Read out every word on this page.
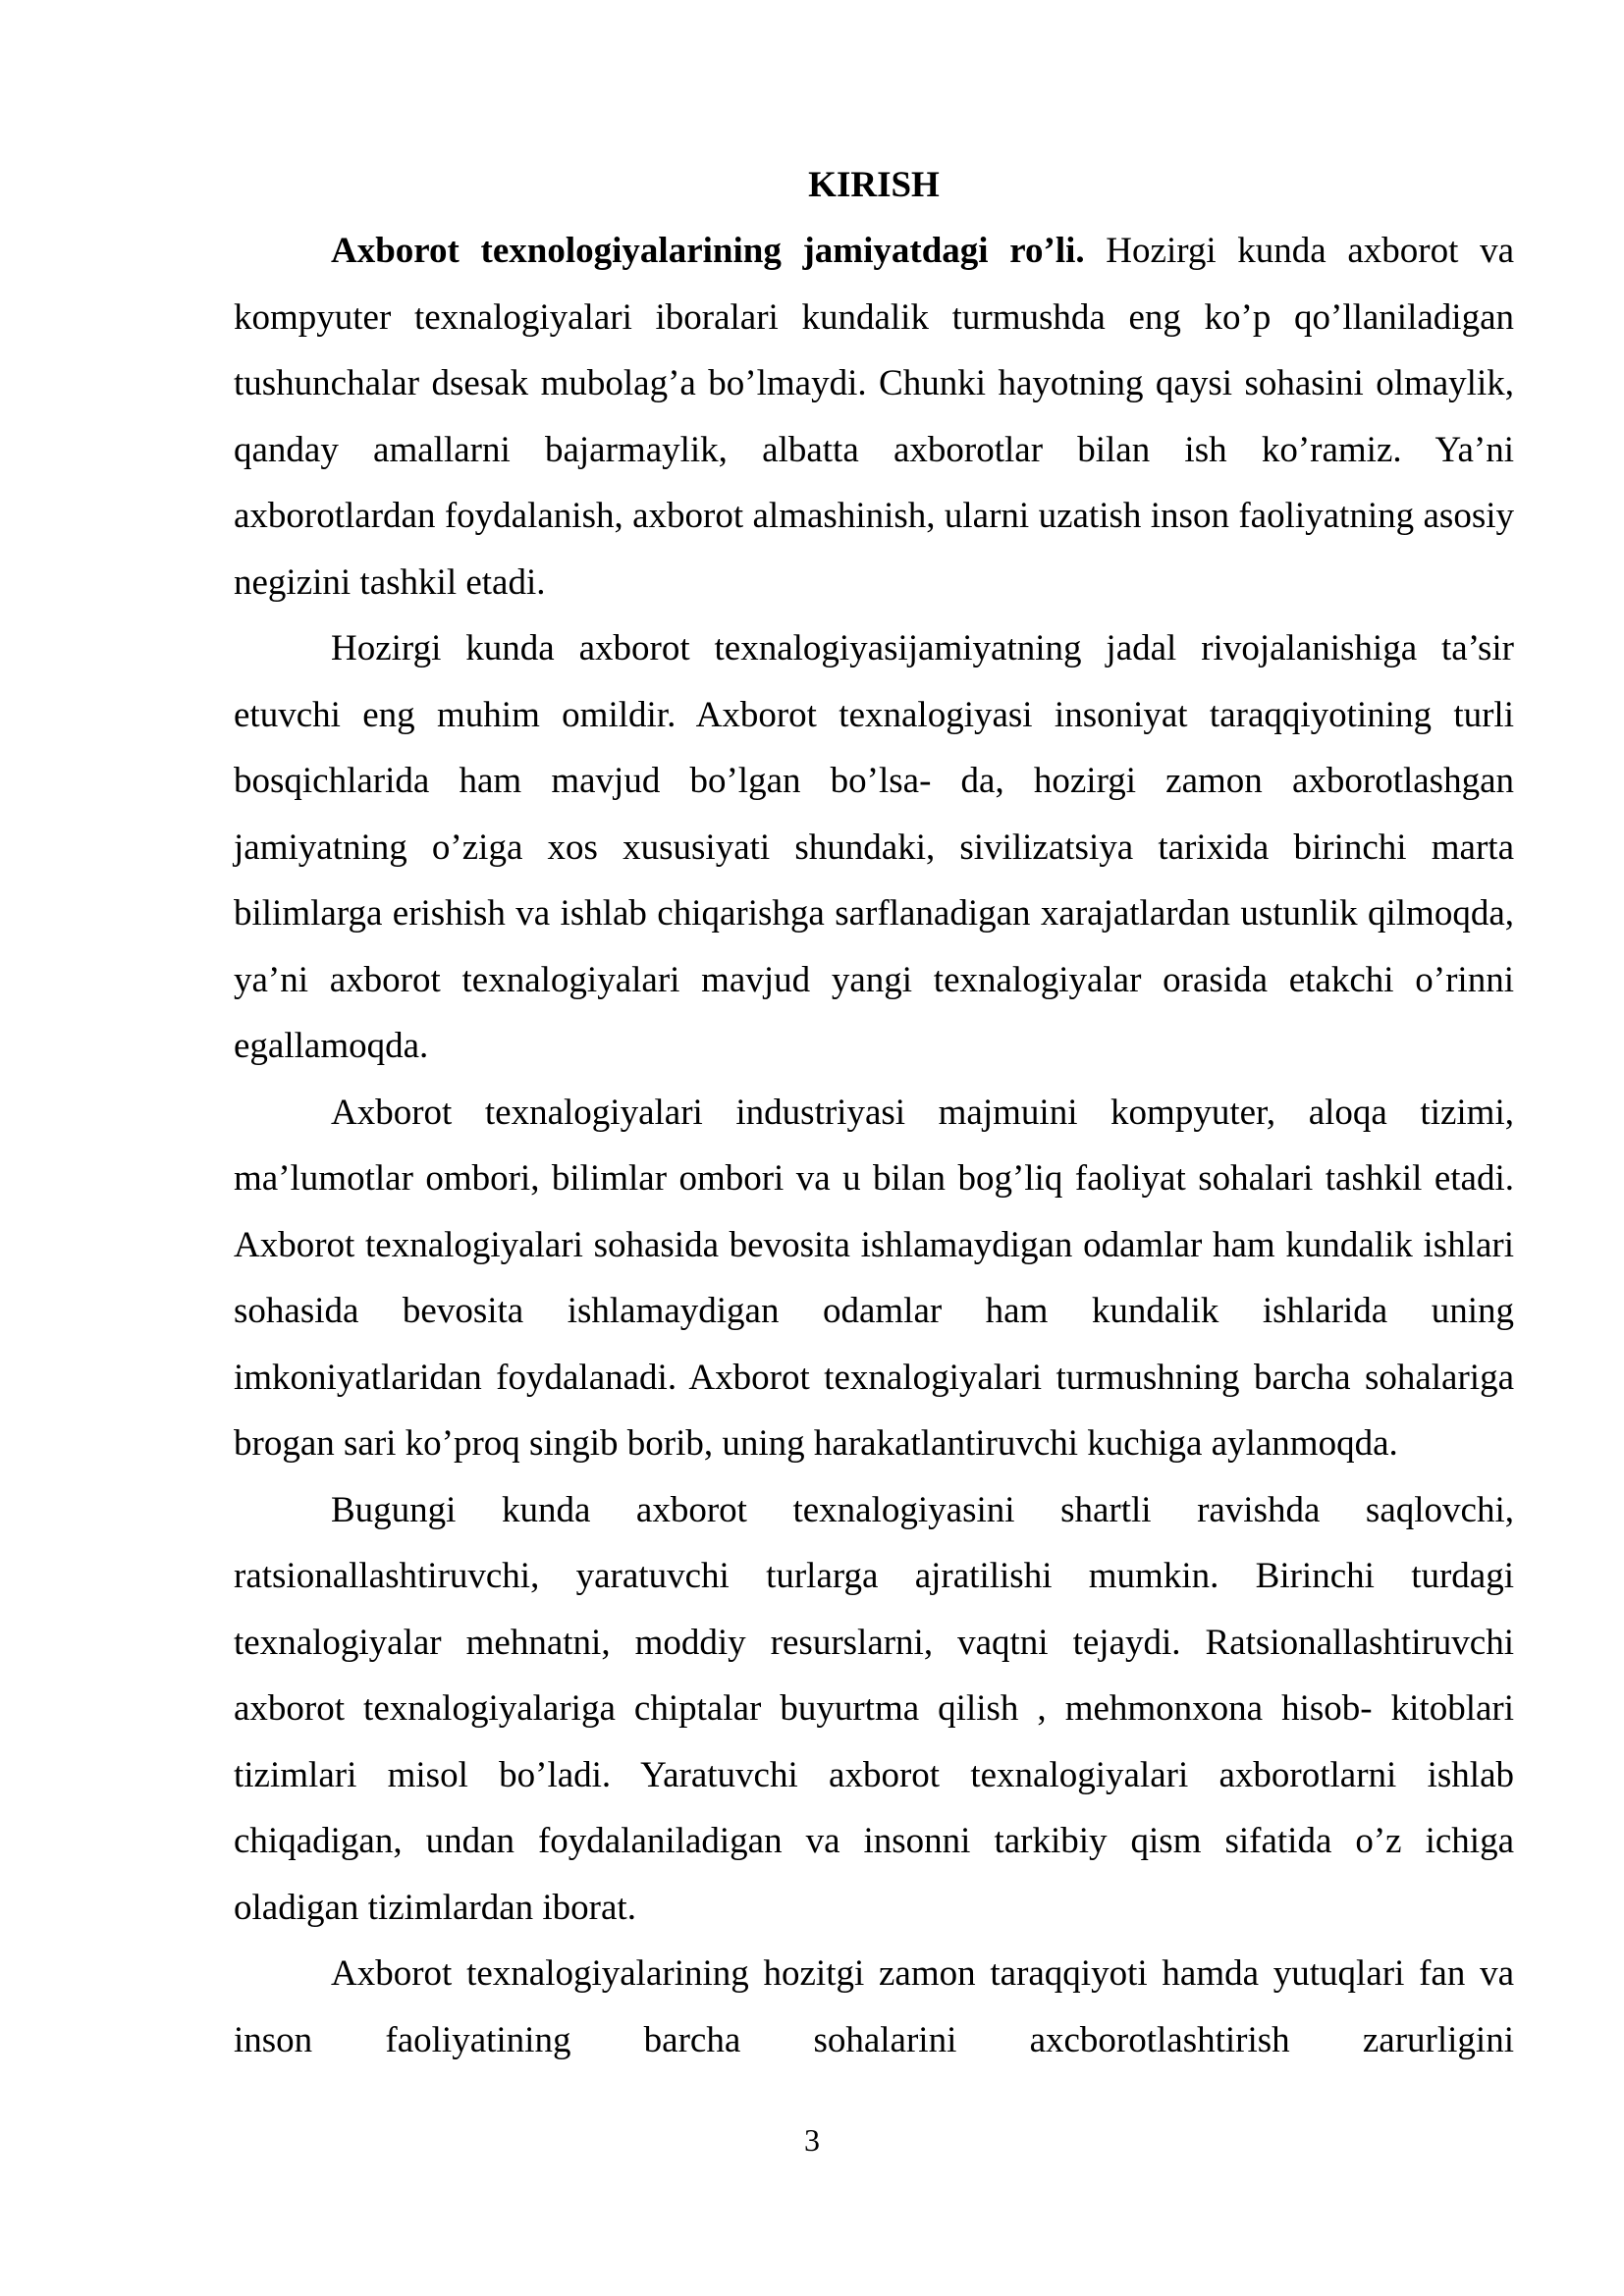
KIRISH

Axborot texnologiyalarining jamiyatdagi ro’li. Hozirgi kunda axborot va kompyuter texnalogiyalari iboralari kundalik turmushda eng ko’p qo’llaniladigan tushunchalar dsesak mubolag’a bo’lmaydi. Chunki hayotning qaysi sohasini olmaylik, qanday amallarni bajarmaylik, albatta axborotlar bilan ish ko’ramiz. Ya’ni axborotlardan foydalanish, axborot almashinish, ularni uzatish inson faoliyatning asosiy negizini tashkil etadi.

Hozirgi kunda axborot texnalogiyasijamiyatning jadal rivojalanishiga ta’sir etuvchi eng muhim omildir. Axborot texnalogiyasi insoniyat taraqqiyotining turli bosqichlarida ham mavjud bo’lgan bo’lsa- da, hozirgi zamon axborotlashgan jamiyatning o’ziga xos xususiyati shundaki, sivilizatsiya tarixida birinchi marta bilimlarga erishish va ishlab chiqarishga sarflanadigan xarajatlardan ustunlik qilmoqda, ya’ni axborot texnalogiyalari mavjud yangi texnalogiyalar orasida etakchi o’rinni egallamoqda.

Axborot texnalogiyalari industriyasi majmuini kompyuter, aloqa tizimi, ma’lumotlar ombori, bilimlar ombori va u bilan bog’liq faoliyat sohalari tashkil etadi. Axborot texnalogiyalari sohasida bevosita ishlamaydigan odamlar ham kundalik ishlari sohasida bevosita ishlamaydigan odamlar ham kundalik ishlarida uning imkoniyatlaridan foydalanadi. Axborot texnalogiyalari turmushning barcha sohalariga brogan sari ko’proq singib borib, uning harakatlantiruvchi kuchiga aylanmoqda.

Bugungi kunda axborot texnalogiyasini shartli ravishda saqlovchi, ratsionallashtiruvchi, yaratuvchi turlarga ajratilishi mumkin. Birinchi turdagi texnalogiyalar mehnatni, moddiy resurslarni, vaqtni tejaydi. Ratsionallashtiruvchi axborot texnalogiyalariga chiptalar buyurtma qilish , mehmonxona hisob- kitoblari tizimlari misol bo’ladi. Yaratuvchi axborot texnalogiyalari axborotlarni ishlab chiqadigan, undan foydalaniladigan va insonni tarkibiy qism sifatida o’z ichiga oladigan tizimlardan iborat.

Axborot texnalogiyalarining hozitgi zamon taraqqiyoti hamda yutuqlari fan va inson faoliyatining barcha sohalarini axcborotlashtirish zarurligini

3
